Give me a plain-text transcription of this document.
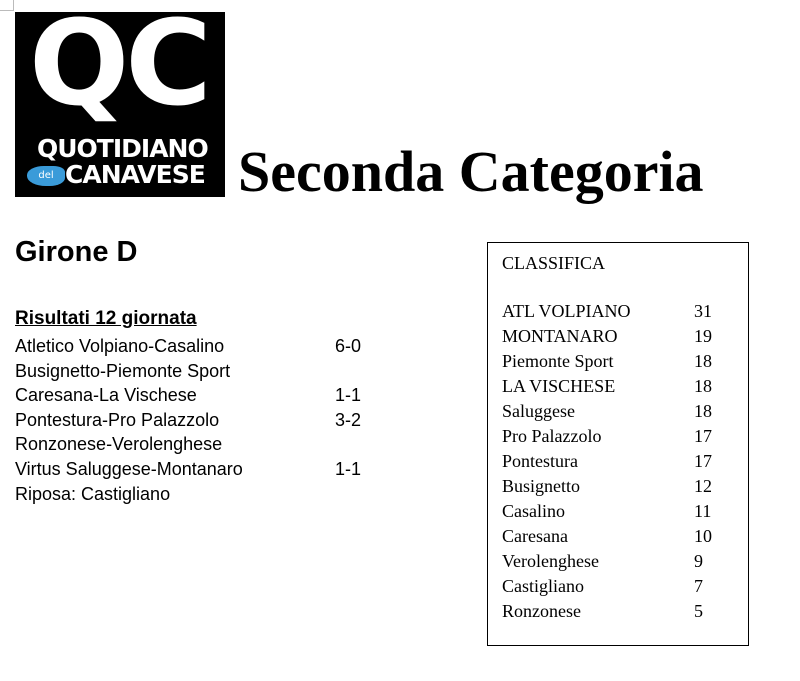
QC
QUOTIDIANO
del CANAVESE Seconda Categoria
Girone D
Risultati 12 giornata
Atletico Volpiano-Casalino	6-0
Busignetto-Piemonte Sport
Caresana-La Vischese	1-1
Pontestura-Pro Palazzolo	3-2
Ronzonese-Verolenghese
Virtus Saluggese-Montanaro	1-1
Riposa: Castigliano
CLASSIFICA
ATL VOLPIANO	31
MONTANARO	19
Piemonte Sport	18
LA VISCHESE	18
Saluggese	18
Pro Palazzolo	17
Pontestura	17
Busignetto	12
Casalino	11
Caresana	10
Verolenghese	9
Castigliano	7
Ronzonese	5
